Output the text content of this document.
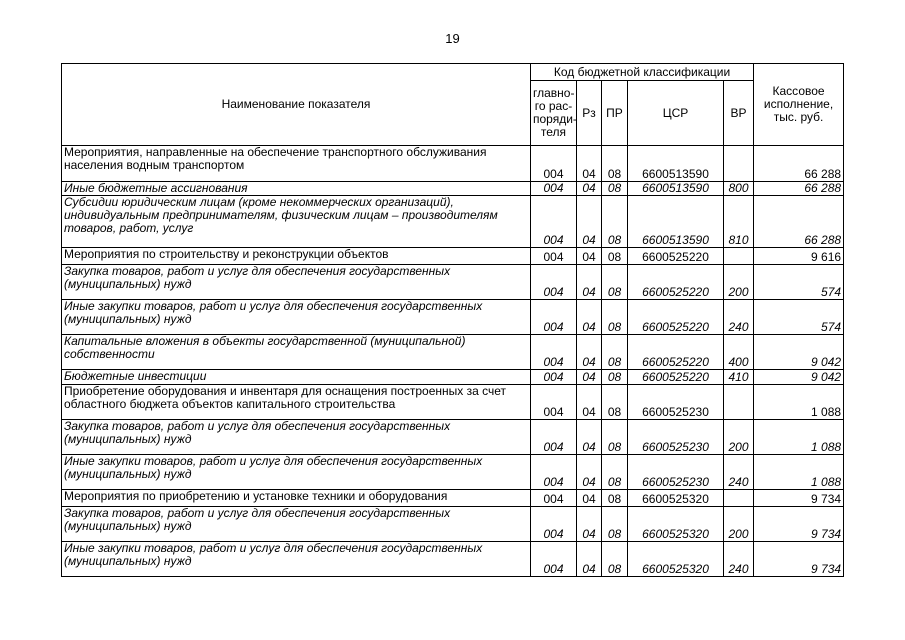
19
Наименование показателя	Код бюджетной классификации					Кассовое исполнение, тыс. руб.
	главно-го рас-поряди-теля	Рз	ПР	ЦСР	ВР	
Мероприятия, направленные на обеспечение транспортного обслуживания населения водным транспортом	004	04	08	6600513590		66 288
Иные бюджетные ассигнования	004	04	08	6600513590	800	66 288
Субсидии юридическим лицам (кроме некоммерческих организаций), индивидуальным предпринимателям, физическим лицам – производителям товаров, работ, услуг	004	04	08	6600513590	810	66 288
Мероприятия по строительству и реконструкции объектов	004	04	08	6600525220		9 616
Закупка товаров, работ и услуг для обеспечения государственных (муниципальных) нужд	004	04	08	6600525220	200	574
Иные закупки товаров, работ и услуг для обеспечения государственных (муниципальных) нужд	004	04	08	6600525220	240	574
Капитальные вложения в объекты государственной (муниципальной) собственности	004	04	08	6600525220	400	9 042
Бюджетные инвестиции	004	04	08	6600525220	410	9 042
Приобретение оборудования и инвентаря для оснащения построенных за счет областного бюджета объектов капитального строительства	004	04	08	6600525230		1 088
Закупка товаров, работ и услуг для обеспечения государственных (муниципальных) нужд	004	04	08	6600525230	200	1 088
Иные закупки товаров, работ и услуг для обеспечения государственных (муниципальных) нужд	004	04	08	6600525230	240	1 088
Мероприятия по приобретению и установке техники и оборудования	004	04	08	6600525320		9 734
Закупка товаров, работ и услуг для обеспечения государственных (муниципальных) нужд	004	04	08	6600525320	200	9 734
Иные закупки товаров, работ и услуг для обеспечения государственных (муниципальных) нужд	004	04	08	6600525320	240	9 734
